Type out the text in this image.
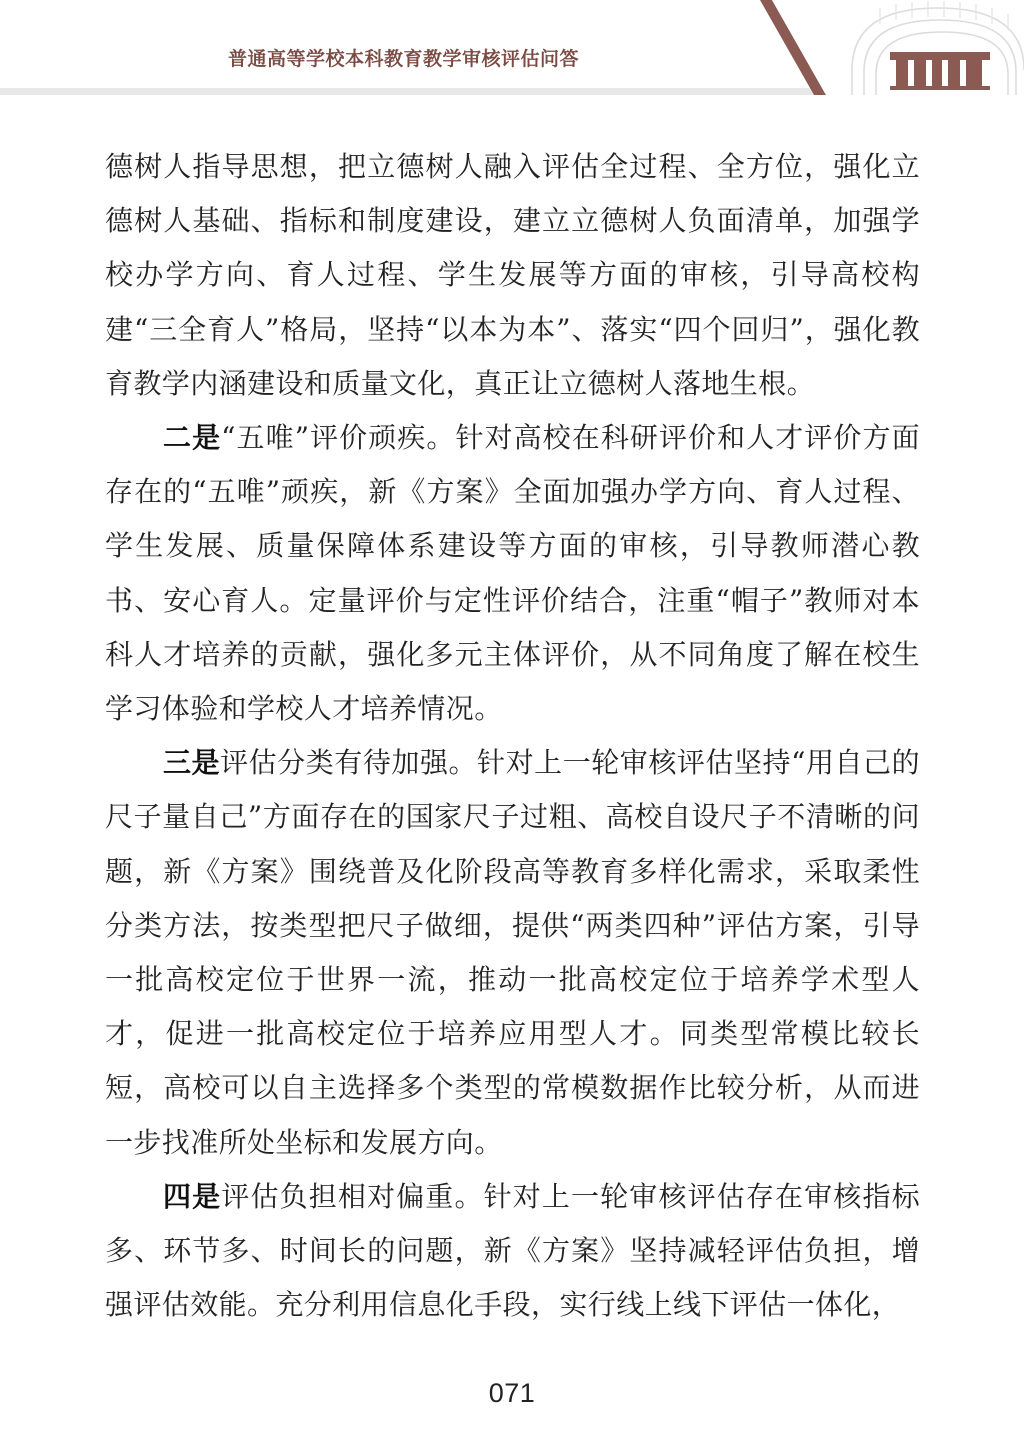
普通高等学校本科教育教学审核评估问答

德树人指导思想，把立德树人融入评估全过程、全方位，强化立德树人基础、指标和制度建设，建立立德树人负面清单，加强学校办学方向、育人过程、学生发展等方面的审核，引导高校构建“三全育人”格局，坚持“以本为本”、落实“四个回归”，强化教育教学内涵建设和质量文化，真正让立德树人落地生根。

二是“五唯”评价顽疾。针对高校在科研评价和人才评价方面存在的“五唯”顽疾，新《方案》全面加强办学方向、育人过程、学生发展、质量保障体系建设等方面的审核，引导教师潜心教书、安心育人。定量评价与定性评价结合，注重“帽子”教师对本科人才培养的贡献，强化多元主体评价，从不同角度了解在校生学习体验和学校人才培养情况。

三是评估分类有待加强。针对上一轮审核评估坚持“用自己的尺子量自己”方面存在的国家尺子过粗、高校自设尺子不清晰的问题，新《方案》围绕普及化阶段高等教育多样化需求，采取柔性分类方法，按类型把尺子做细，提供“两类四种”评估方案，引导一批高校定位于世界一流，推动一批高校定位于培养学术型人才，促进一批高校定位于培养应用型人才。同类型常模比较长短，高校可以自主选择多个类型的常模数据作比较分析，从而进一步找准所处坐标和发展方向。

四是评估负担相对偏重。针对上一轮审核评估存在审核指标多、环节多、时间长的问题，新《方案》坚持减轻评估负担，增强评估效能。充分利用信息化手段，实行线上线下评估一体化，

071
